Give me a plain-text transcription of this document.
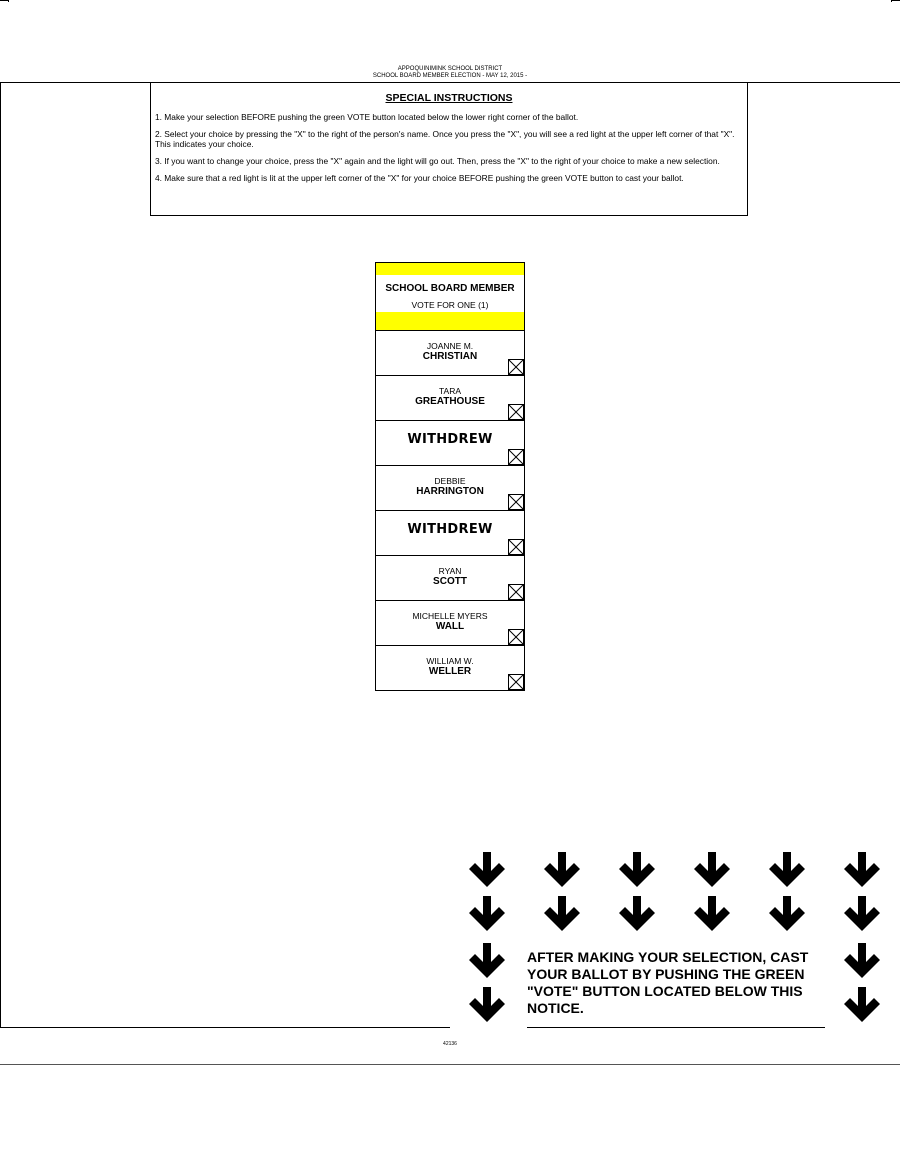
APPOQUINIMINK SCHOOL DISTRICT
SCHOOL BOARD MEMBER ELECTION - MAY 12, 2015 -
SPECIAL INSTRUCTIONS
1. Make your selection BEFORE pushing the green VOTE button located below the lower right corner of the ballot.
2. Select your choice by pressing the "X" to the right of the person's name. Once you press the "X", you will see a red light at the upper left corner of that "X". This indicates your choice.
3. If you want to change your choice, press the "X" again and the light will go out. Then, press the "X" to the right of your choice to make a new selection.
4. Make sure that a red light is lit at the upper left corner of the "X" for your choice BEFORE pushing the green VOTE button to cast your ballot.
SCHOOL BOARD MEMBER
VOTE FOR ONE (1)
JOANNE M.
CHRISTIAN
TARA
GREATHOUSE
WITHDREW
DEBBIE
HARRINGTON
WITHDREW
RYAN
SCOTT
MICHELLE MYERS
WALL
WILLIAM W.
WELLER
AFTER MAKING YOUR SELECTION, CAST YOUR BALLOT BY PUSHING THE GREEN "VOTE" BUTTON LOCATED BELOW THIS NOTICE.
42136
